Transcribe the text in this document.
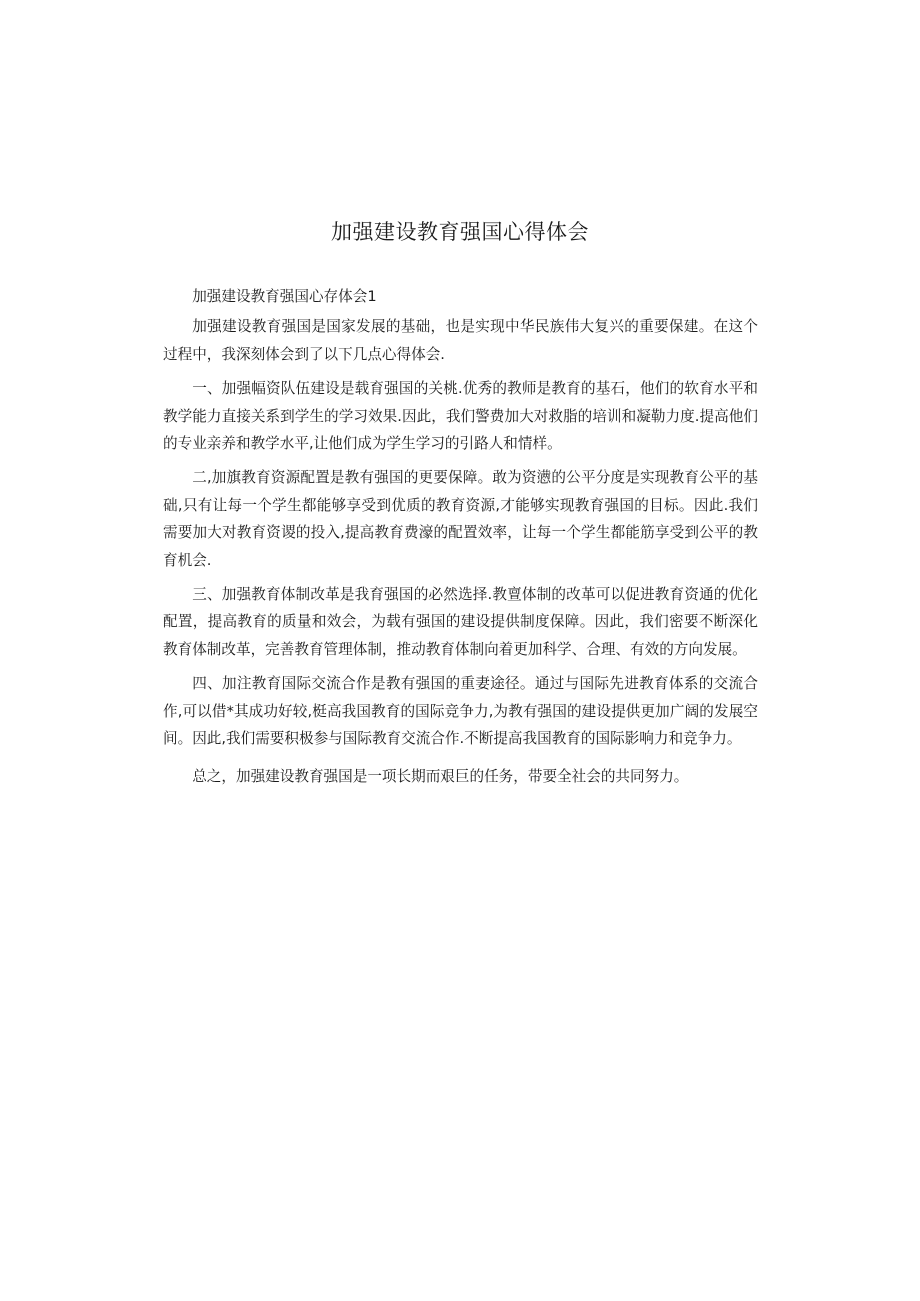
加强建设教育强国心得体会

加强建设教育强国心存体会1

加强建设教育强国是国家发展的基础，也是实现中华民族伟大复兴的重要保建。在这个过程中，我深刻体会到了以下几点心得体会.

一、加强幅资队伍建设是载育强国的关桃.优秀的教师是教育的基石，他们的软育水平和教学能力直接关系到学生的学习效果.因此，我们警费加大对救脂的培训和凝勒力度.提高他们的专业亲养和教学水平,让他们成为学生学习的引路人和情样。

二,加旗教育资源配置是教有强国的更要保障。敢为资懑的公平分度是实现教育公平的基础,只有让每一个学生都能够享受到优质的教育资源,才能够实现教育强国的目标。因此.我们需要加大对教育资谡的投入,提高教育费濠的配置效率，让每一个学生都能筋享受到公平的教育机会.

三、加强教育体制改革是我育强国的必然选择.教亶体制的改革可以促进教育资通的优化配置，提高教育的质量和效会，为载有强国的建设提供制度保障。因此，我们密要不断深化教育体制改革，完善教育管理体制，推动教育体制向着更加科学、合理、有效的方向发展。

四、加注教育国际交流合作是教有强国的重妻途径。通过与国际先进教育体系的交流合作,可以借*其成功好较,梃高我国教育的国际竞争力,为教有强国的建设提供更加广阔的发展空间。因此,我们需要积极参与国际教育交流合作.不断提高我国教育的国际影响力和竞争力。

总之，加强建设教育强国是一项长期而艰巨的任务，带要全社会的共同努力。
